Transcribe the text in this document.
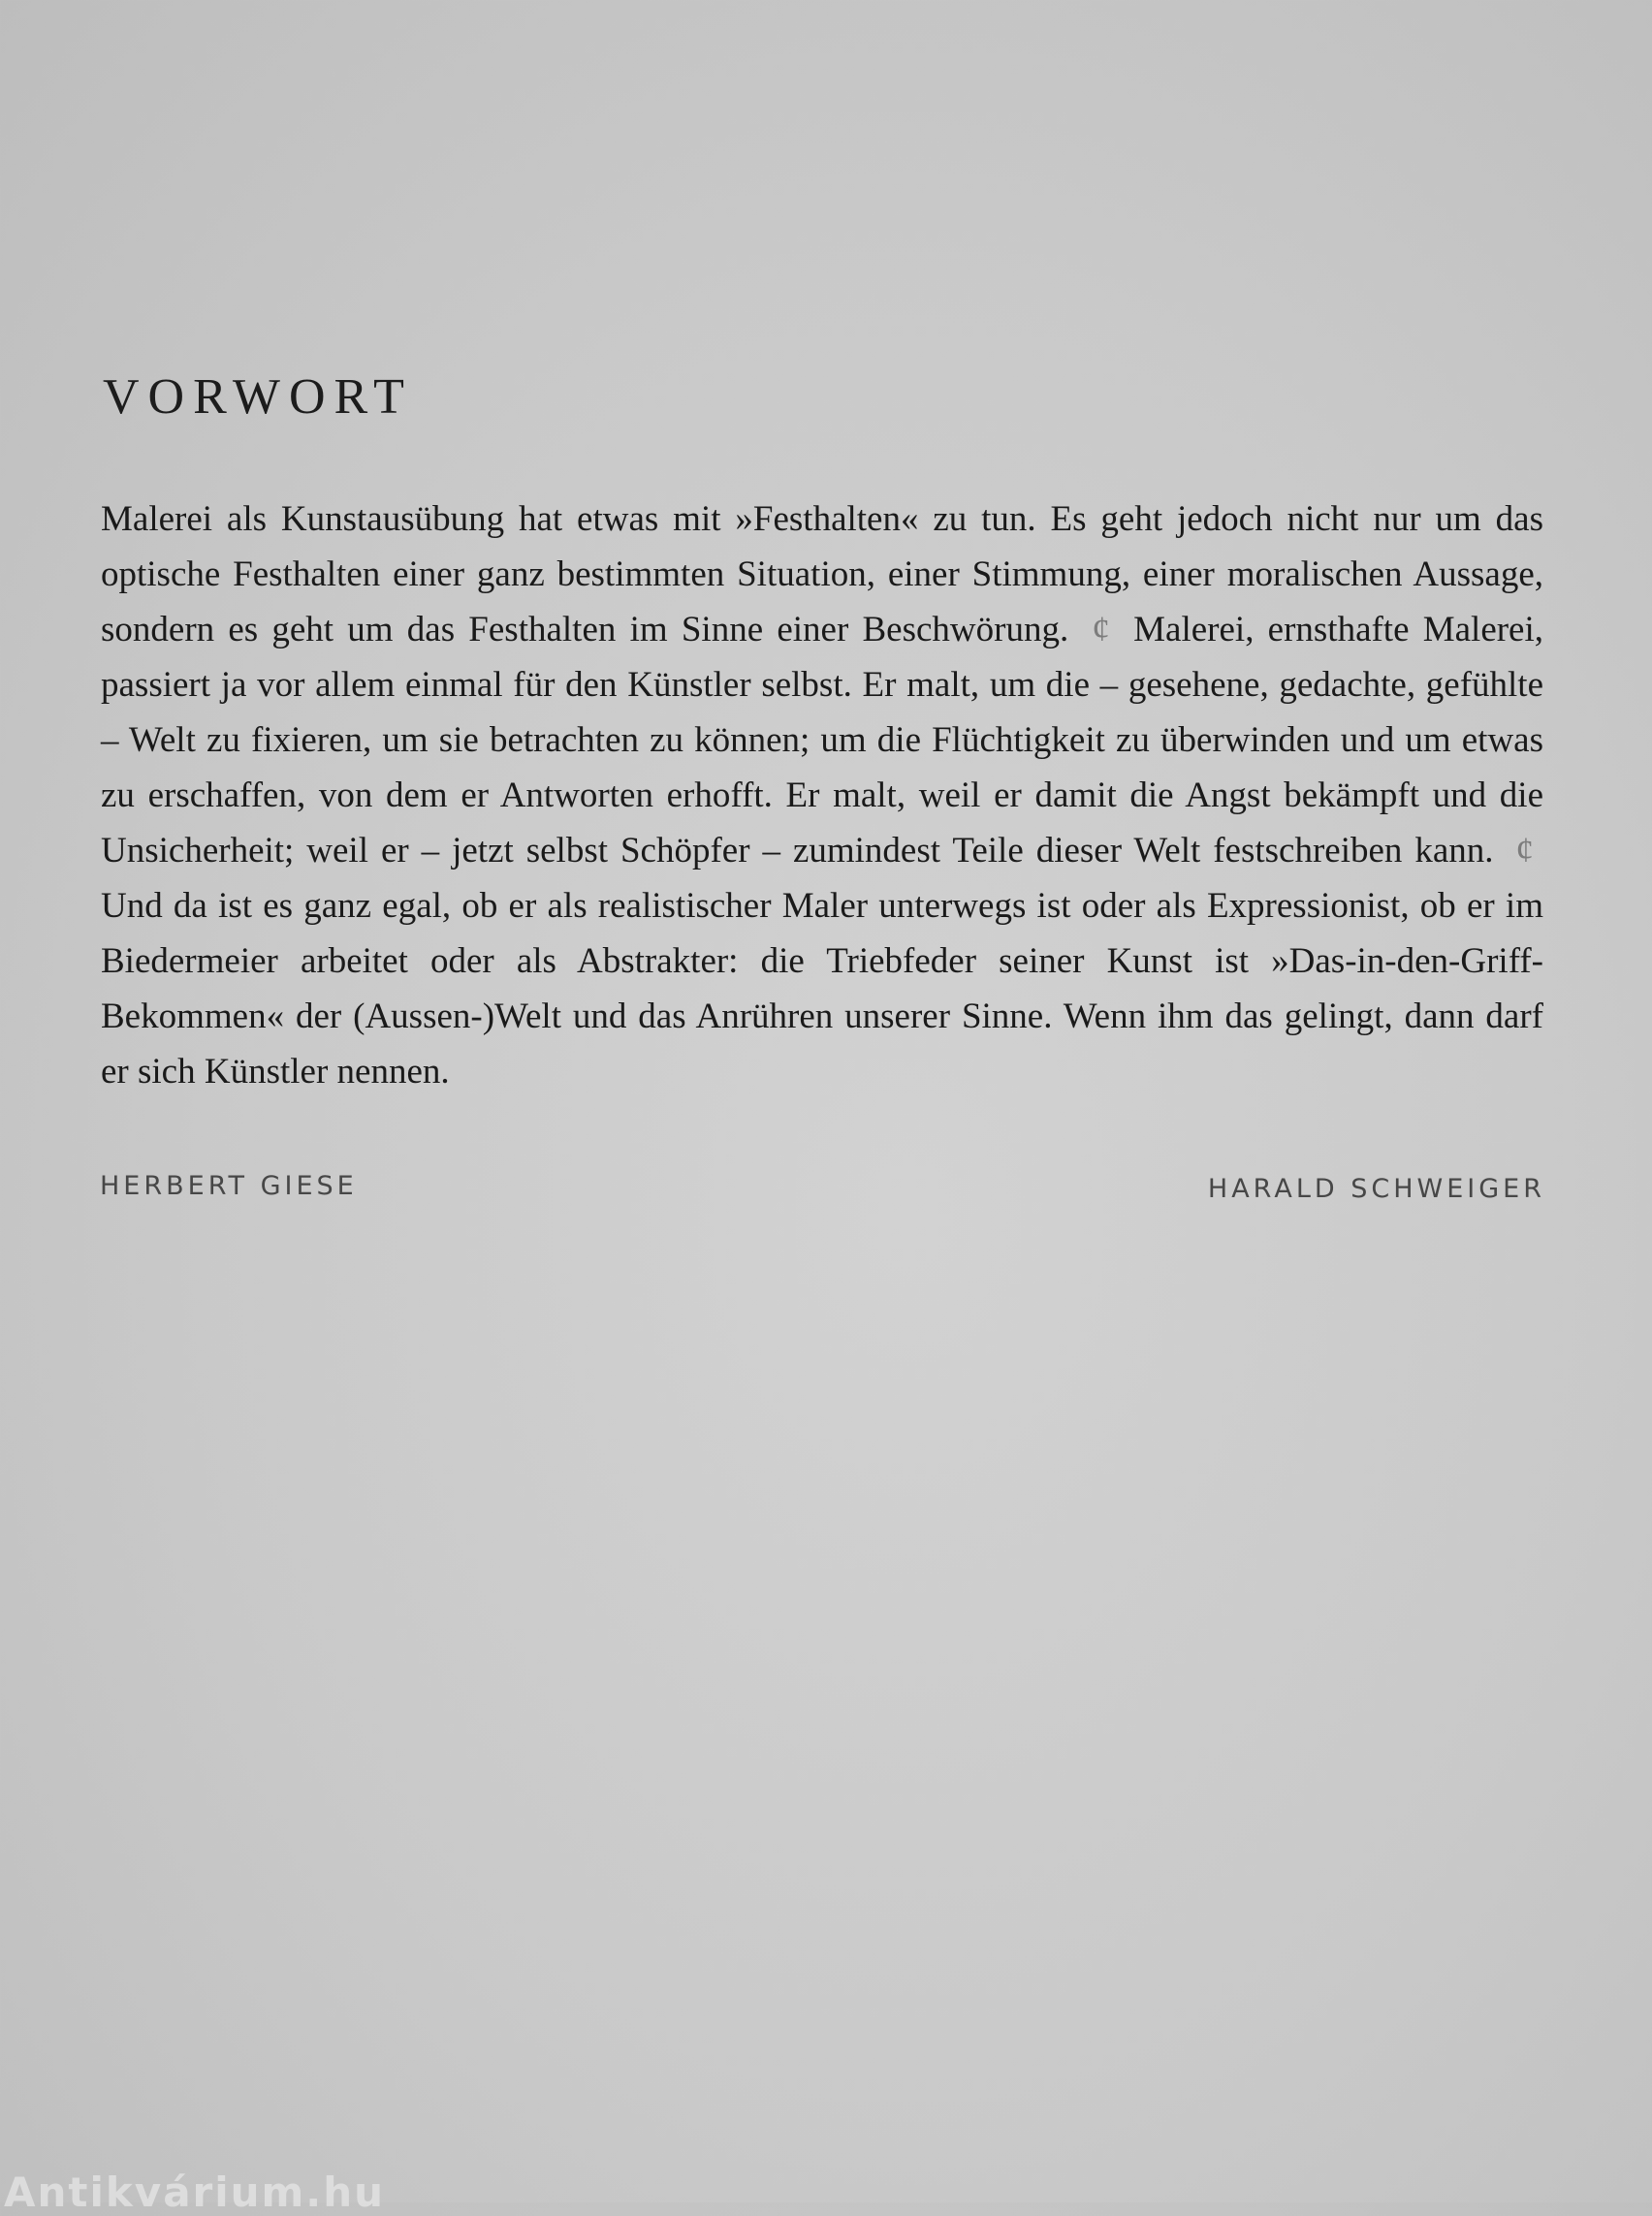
VORWORT

Malerei als Kunstausübung hat etwas mit »Festhalten« zu tun. Es geht jedoch nicht nur um das optische Festhalten einer ganz bestimmten Situation, einer Stimmung, einer moralischen Aussage, sondern es geht um das Festhalten im Sinne einer Beschwörung. ¢ Malerei, ernsthafte Malerei, passiert ja vor allem einmal für den Künstler selbst. Er malt, um die – gesehene, gedachte, gefühlte – Welt zu fixieren, um sie betrachten zu können; um die Flüchtigkeit zu überwinden und um etwas zu erschaffen, von dem er Antworten erhofft. Er malt, weil er damit die Angst bekämpft und die Unsicherheit; weil er – jetzt selbst Schöpfer – zumindest Teile dieser Welt festschreiben kann. ¢ Und da ist es ganz egal, ob er als realistischer Maler unterwegs ist oder als Expressionist, ob er im Biedermeier arbeitet oder als Abstrakter: die Triebfeder seiner Kunst ist »Das-in-den-Griff-Bekommen« der (Aussen-)Welt und das Anrühren unserer Sinne. Wenn ihm das gelingt, dann darf er sich Künstler nennen.

HERBERT GIESE	HARALD SCHWEIGER

Antikvárium.hu
